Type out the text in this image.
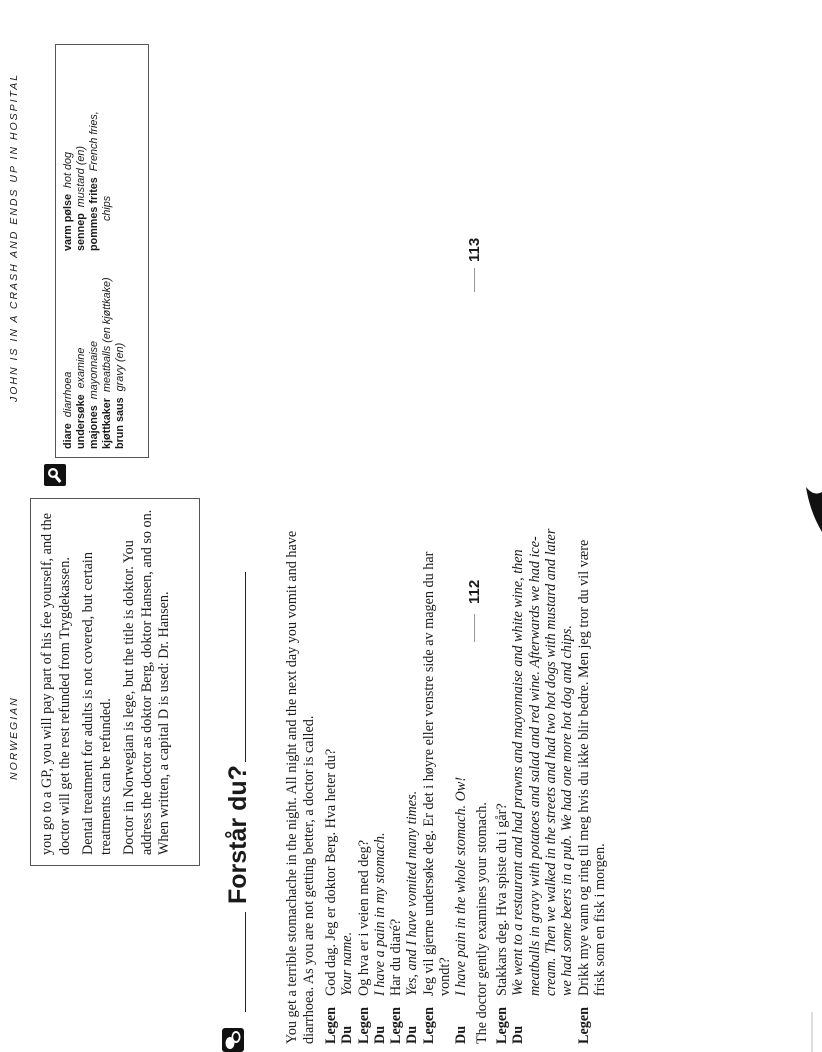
NORWEGIAN you go to a GP, you will pay part of his fee yourself, and the doctor will get the rest refunded from Trygdekassen. Dental treatment for adults is not covered, but certain treatments can be refunded. Doctor in Norwegian is lege, but the title is doktor. You address the doctor as doktor Berg, doktor Hansen, and so on. When written, a capital D is used: Dr. Hansen. Forstår du? You get a terrible stomachache in the night. All night and the next day you vomit and have diarrhoea. As you are not getting better, a doctor is called. Legen
God dag. Jeg er doktor Berg. Hva heter du?
Du
Your name.
Legen
Og hva er i veien med deg?
Du
I have a pain in my stomach.
Legen
Har du diaré?
Du
Yes, and I have vomited many times.
Legen
Jeg vil gjerne undersøke deg. Er det i høyre eller venstre side av magen du har vondt?
Du
I have pain in the whole stomach. Ow! The doctor gently examines your stomach. Legen
Stakkars deg. Hva spiste du i går?
Du
We went to a restaurant and had prawns and mayonnaise and white wine, then meatballs in gravy with potatoes and salad and red wine. Afterwards we had ice-cream. Then we walked in the streets and had two hot dogs with mustard and later we had some beers in a pub. We had one more hot dog and chips.
Legen
Drikk mye vann og ring til meg hvis du ikke blir bedre. Men jeg tror du vil være frisk som en fisk i morgen.
112
JOHN IS IN A CRASH AND ENDS UP IN HOSPITAL
diarediarrhoea
undersøkeexamine
majonesmayonnaise
kjøttkakermeatballs (en kjøttkake)
brun sausgravy (en)
varm pølsehot dog
sennepmustard (en)
pommes fritesFrench fries,
chips
113
